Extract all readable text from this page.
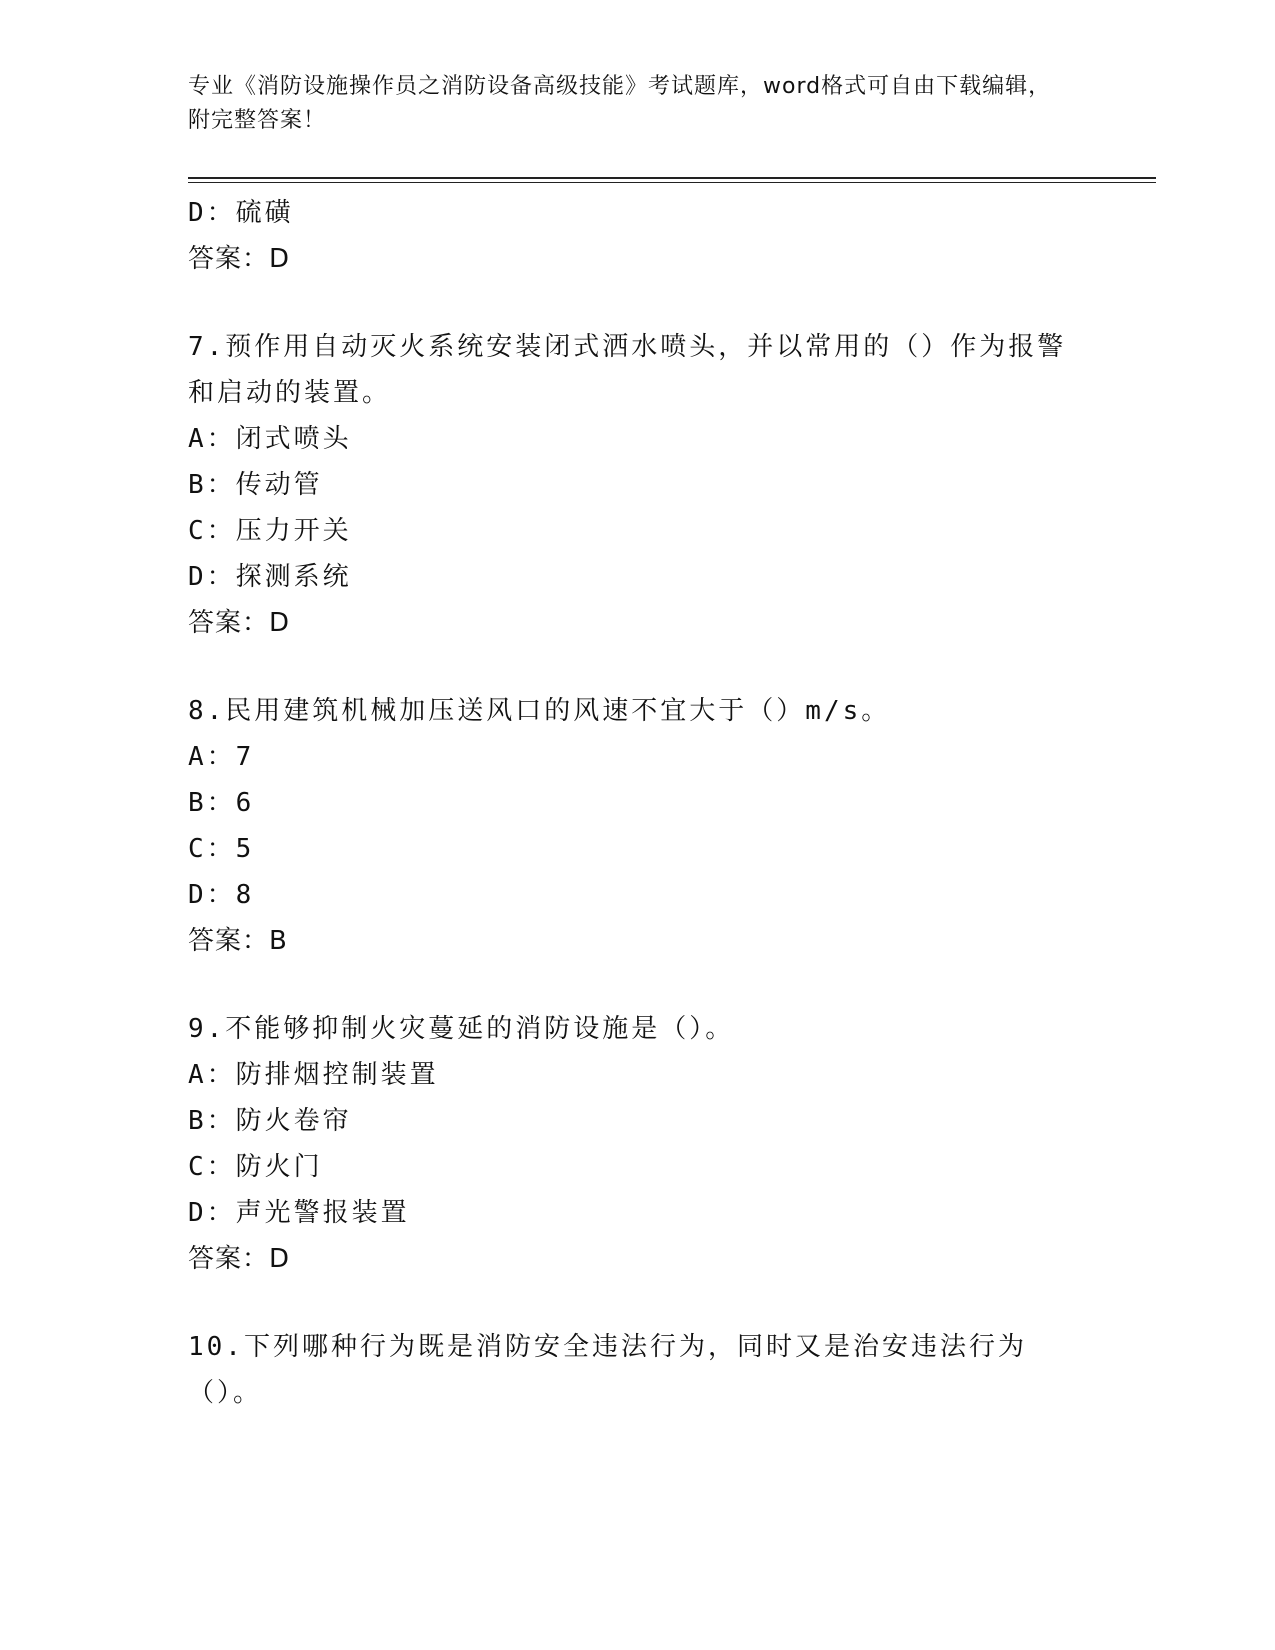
专业《消防设施操作员之消防设备高级技能》考试题库，word格式可自由下载编辑，附完整答案！
D：硫磺
答案：D
7.预作用自动灭火系统安装闭式洒水喷头，并以常用的（）作为报警和启动的装置。
A：闭式喷头
B：传动管
C：压力开关
D：探测系统
答案：D
8.民用建筑机械加压送风口的风速不宜大于（）m/s。
A：7
B：6
C：5
D：8
答案：B
9.不能够抑制火灾蔓延的消防设施是（）。
A：防排烟控制装置
B：防火卷帘
C：防火门
D：声光警报装置
答案：D
10.下列哪种行为既是消防安全违法行为，同时又是治安违法行为（）。
